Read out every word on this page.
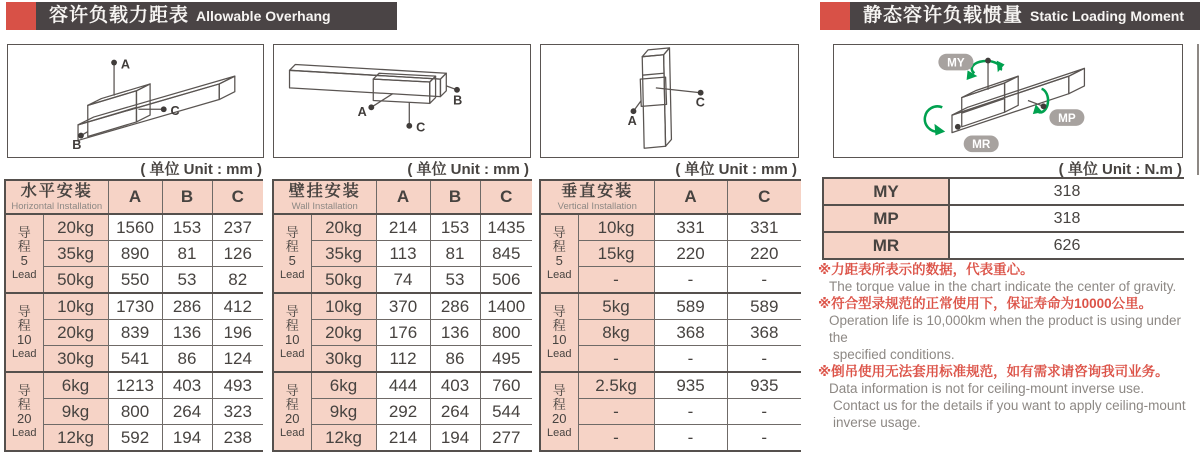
容许负载力距表 Allowable Overhang	静态容许负载惯量 Static Loading Moment
A
B
C	A
B
C	A
C
MY
MP
MR
( 单位 Unit : mm )	( 单位 Unit : mm )	( 单位 Unit : mm )	( 单位 Unit : N.m )
水平安装
Horizontal Installation		A	B	C

导
程
5
Lead	20kg	1560	153	237
	35kg	890	81	126
	50kg	550	53	82

导
程
10
Lead	10kg	1730	286	412
	20kg	839	136	196
	30kg	541	86	124

导
程
20
Lead	6kg	1213	403	493
	9kg	800	264	323
	12kg	592	194	238
壁挂安装
Wall Installation		A	B	C

导
程
5
Lead	20kg	214	153	1435
	35kg	113	81	845
	50kg	74	53	506

导
程
10
Lead	10kg	370	286	1400
	20kg	176	136	800
	30kg	112	86	495

导
程
20
Lead	6kg	444	403	760
	9kg	292	264	544
	12kg	214	194	277
垂直安装
Vertical Installation		A	C

导
程
5
Lead	10kg	331	331
	15kg	220	220
	-	-	-

导
程
10
Lead	5kg	589	589
	8kg	368	368
	-	-	-

导
程
20
Lead	2.5kg	935	935
	-	-	-
	-	-	-
MY	318
MP	318
MR	626
※力距表所表示的数据，代表重心。
The torque value in the chart indicate the center of gravity.
※符合型录规范的正常使用下，保证寿命为10000公里。
Operation life is 10,000km when the product is using under the
specified conditions.
※倒吊使用无法套用标准规范，如有需求请咨询我司业务。
Data information is not for ceiling-mount inverse use.
Contact us for the details if you want to apply ceiling-mount
inverse usage.
